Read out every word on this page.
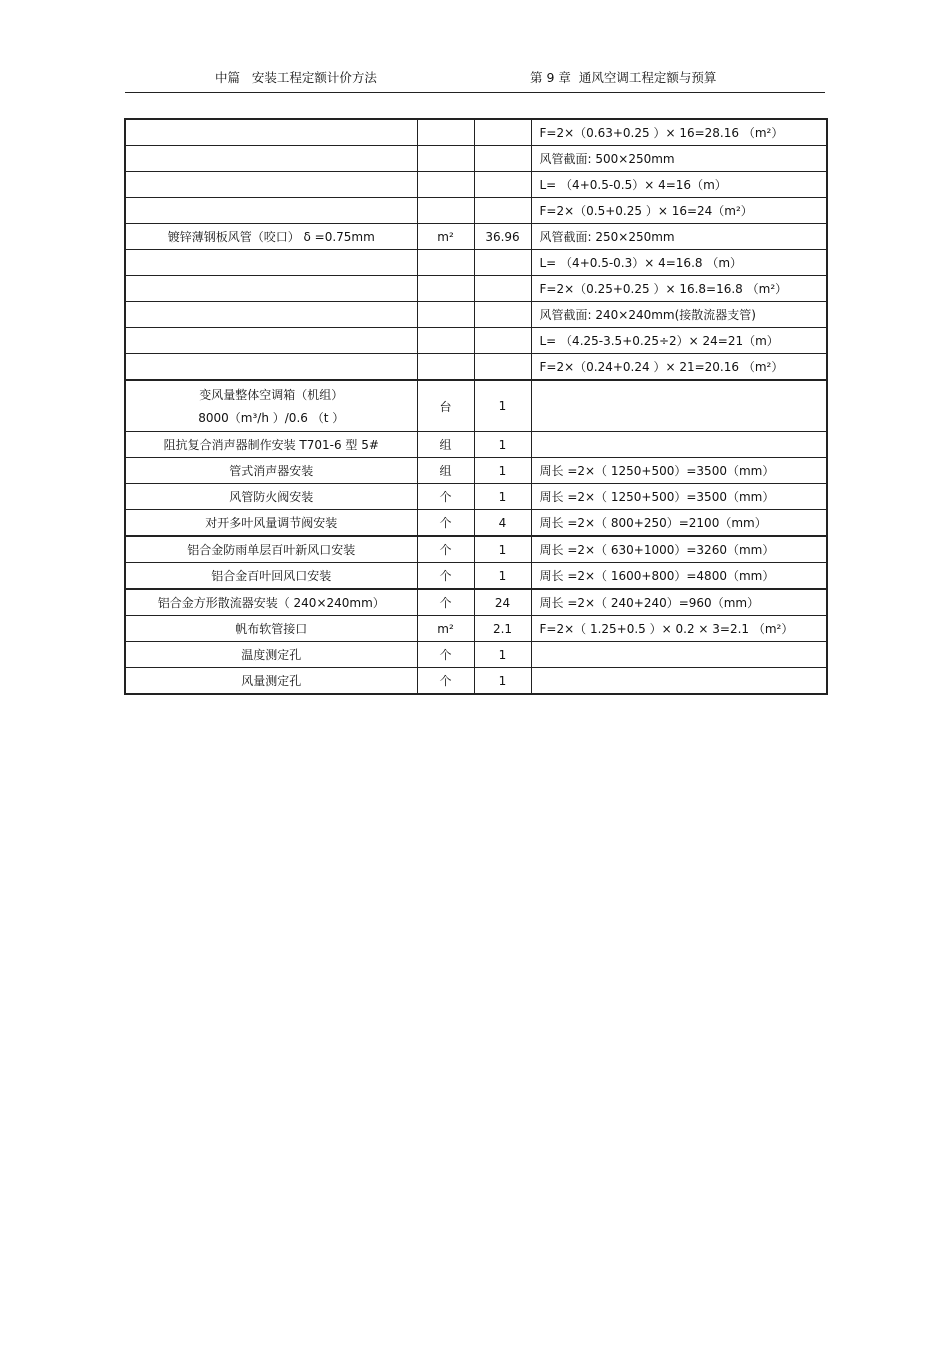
中篇   安装工程定额计价方法	第 9 章  通风空调工程定额与预算
			F=2×（0.63+0.25 ）× 16=28.16 （m²）
			风管截面: 500×250mm
			L= （4+0.5-0.5）× 4=16（m）
			F=2×（0.5+0.25 ）× 16=24（m²）
镀锌薄钢板风管（咬口） δ =0.75mm	m²	36.96	风管截面: 250×250mm
			L= （4+0.5-0.3）× 4=16.8 （m）
			F=2×（0.25+0.25 ）× 16.8=16.8 （m²）
			风管截面: 240×240mm(接散流器支管)
			L= （4.25-3.5+0.25÷2）× 24=21（m）
			F=2×（0.24+0.24 ）× 21=20.16 （m²）

变风量整体空调箱（机组）
8000（m³/h ）/0.6 （t ）	台	1	
阻抗复合消声器制作安装 T701-6 型 5#	组	1	
管式消声器安装	组	1	周长 =2×（ 1250+500）=3500（mm）
风管防火阀安装	个	1	周长 =2×（ 1250+500）=3500（mm）
对开多叶风量调节阀安装	个	4	周长 =2×（ 800+250）=2100（mm）
铝合金防雨单层百叶新风口安装	个	1	周长 =2×（ 630+1000）=3260（mm）
铝合金百叶回风口安装	个	1	周长 =2×（ 1600+800）=4800（mm）
铝合金方形散流器安装（ 240×240mm）	个	24	周长 =2×（ 240+240）=960（mm）
帆布软管接口	m²	2.1	F=2×（ 1.25+0.5 ）× 0.2 × 3=2.1 （m²）
温度测定孔	个	1	
风量测定孔	个	1	
